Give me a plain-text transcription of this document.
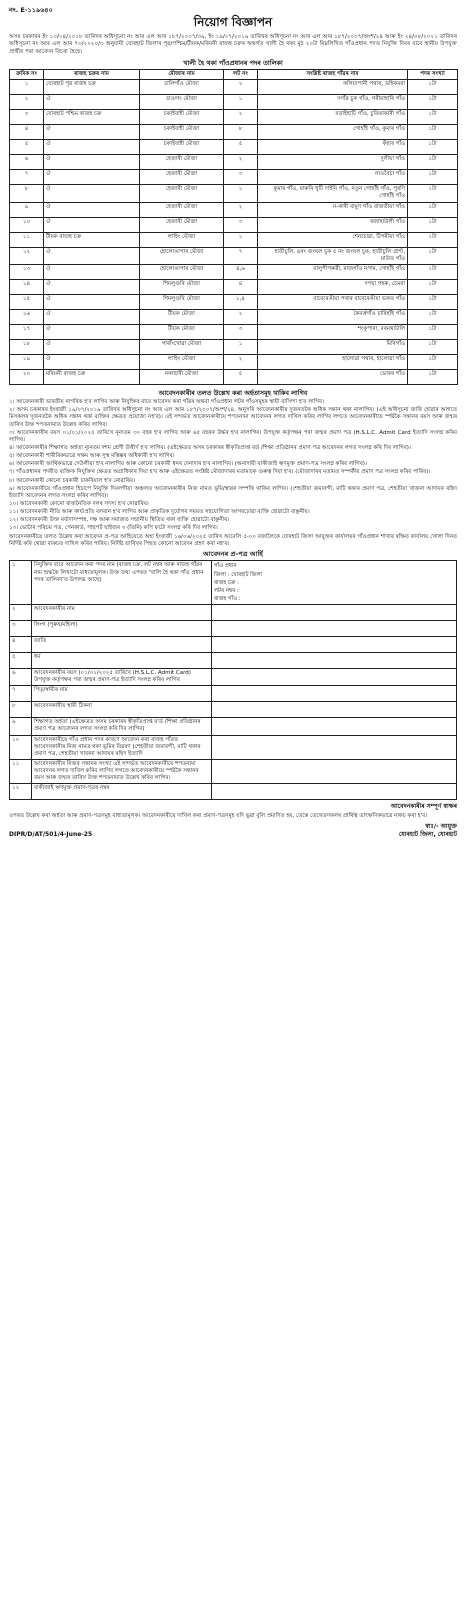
নং. E-১১৯৬৪০
নিয়োগ বিজ্ঞাপন
অসম চৰকাৰৰ ইং ১০/০৪/২০১৮ তাৰিখৰ অধিসূচনা নং আৰ এল আৰ ১৮৭/২০০৭/৩৯, ইং ১৯/০৭/২০১৯ তাৰিখৰ অধিসূচনা নং আৰ এল আৰ ১৮৭/২০০৭/অংশ/২৪ আৰু ইং ২৪/০৮/২০২১ তাৰিখৰ অধিসূচনা নং আৰ এল আৰ ৭৩/২০২০/৩ অনুযায়ী যোৰহাট জিলাৰ পূৱ/পশ্চিম/টীয়ক/মৰিয়নী ৰাজহ চক্ৰৰ অন্তৰ্গত খালী হৈ থকা মুঠ ২০টা নিম্নলিখিত গাঁওপ্ৰধান পদত নিযুক্তি দিবৰ বাবে স্থানীয় উপযুক্ত প্ৰাৰ্থীৰ পৰা আবেদন বিচৰা হৈছে।
খালী হৈ থকা গাঁওপ্ৰধানৰ পদৰ তালিকা
ক্ৰমিক নং	ৰাজহ চক্ৰৰ নাম	মৌজাৰ নাম	লট নং	সংশ্লিষ্ট ৰাজহ গাঁৱৰ নাম	পদৰ সংখ্যা
১	যোৰহাট পূৱ ৰাজহ চক্ৰ	চালিগাঁও মৌজা	২	কলিয়াপানী পথাৰ, ডহিকমৰা	১টা
২	ঐ	চাওদাং মৌজা	১	দগাঁৱ চুক গাঁও, গৰীয়াহাৰি গাঁও	১টা
৩	যোৰহাট পশ্চিম ৰাজহ চক্ৰ	চকাইবাহী মৌজা	২	বড়াইহাটি গাঁও, চুতিয়াকাৰী গাঁও	১টা
৪	ঐ	চকাইবাহী মৌজা	৮	গোহাঁই গাঁও, কুমাৰ গাঁও	১টা
৫	ঐ	চকাইবাহী মৌজা	৫	কঁহাৰ গাঁও	১টা
৬	ঐ	হেজাৰী মৌজা	২	দুলীয়া গাঁও	১টা
৭	ঐ	হেজাৰী মৌজা	৩	নাওবৈচা গাঁও	১টা
৮	ঐ	হেজাৰী মৌজা	১	কুমাৰ গাঁও, মাৰুৰি খুটি দাইনি গাঁও, নতুন গোহাঁই গাঁও, পুৰণি গোহাঁই গাঁও	১টা
৯	ঐ	হেজাৰী মৌজা	২	ন-কাৰী বামুণ গাঁও বাজতীয়া গাঁও	১টা
১০	ঐ	হেজাৰী মৌজা	৩	ৰজাহাউলী গাঁও	১টা
১১	টীয়ক ৰাজহ চক্ৰ	লাহিং মৌজা	১	শেনচোৱা, টিপমীয়া গাঁও	১টা
১২	ঐ	হোলোঙাপাৰ মৌজা	৭	হাতীচুলি, ৪নং জংঘল চুক ৫ নং জংঘল চুক, হাতীচুলি গ্ৰাণ্ট, মাউত গাঁও	১টা
১৩	ঐ	হোলোঙাপাৰ মৌজা	৪,৬	বালুপীপৰুৱী, মাজগাঁও নপাম, গোহাঁই গাঁও	১টা
১৪	ঐ	শিমলুগুৰি মৌজা	৪	দপয়া গহৰু, চেমৰা	১টা
১৫	ঐ	শিমলুগুৰি মৌজা	১,৪	বাবেৰেঙীয়া পথাৰ বাবেৰেঙীয়া ভকত গাঁও	১টা
১৬	ঐ	টীয়ক মৌজা	২	কৈবৰ্ত্তগাঁও চাৰিহাঁই গাঁও	১টা
১৭	ঐ	টীয়ক মৌজা	৩	শংকুপাৰা, বৰমথাউলি	১টা
১৮	ঐ	গাৰাঁংখোৱা মৌজা	১	মিৰিগাঁও	১টা
১৯	ঐ	লাহিং মৌজা	২	হালোৱা পথাৰ, হালোৱা গাঁও	১টা
২০	মৰিয়নী ৰাজহ চক্ৰ	নকাছাৰী মৌজা	৫	ভোৰৰ গাঁও	১টা
আবেদনকাৰীৰ তলত উল্লেখ কৰা অৰ্হতাসমূহ থাকিব লাগিব
১। আবেদনকাৰী ভাৰতীয় নাগৰিক হ'ব লাগিব আৰু নিযুক্তিৰ বাবে আবেদন কৰা গাঁৱৰ অথবা গাঁওপ্ৰধান লটৰ গাঁওসমূহৰ স্থায়ী বাসিন্দা হ'ব লাগিব।
২। অসম চৰকাৰৰ ইংৰাজী ১৯/০৭/২০১৯ তাৰিখৰ অধিসূচনা নং আৰ এল আৰ ১৮৭/২০০৭/অংশ/২৪, অনুসৰি আবেদনকাৰীৰ দুজনতকৈ অধিক সন্তান থকা নালাগিব। (এই অধিসূচনা জাৰি হোৱাৰ আগতে মিসকলৰ দুজনতকৈ অধিক সন্তান থকা ব্যক্তিৰ ক্ষেত্ৰত প্ৰযোজ্য নহ'ব)। এই সন্দৰ্ভত আবেদনকাৰীয়ে শপতনামা আবেদনৰ লগত দাখিল কৰিব লাগিব লগতে আবেদনকাৰীয়ে স্পষ্টকৈ সন্তানৰ বয়স আৰু জন্মৰ তাৰিখ উক্ত শপতনামাত উল্লেখ কৰিব লাগিব।
৩। আবেদনকাৰীৰ বয়স ০১/০১/২০২৫ তাৰিখে নূন্যতম ৩০ বছৰ হ'ব লাগিব আৰু ৬৫ বছৰৰ উৰ্দ্ধৰ হ'ব নালাগিব। উপযুক্ত কৰ্তৃপক্ষৰ পৰা জন্মৰ প্ৰমাণ পত্ৰ (H.S.L.C. Admit Card ইত্যাদি সংলগ্ন কৰিব লাগিব।
৪। আবেদনকাৰীৰ শিক্ষাগত অৰ্হতা ন্যূনতম দশম শ্ৰেণী উত্তীৰ্ণ হ'ব লাগিব। (এইক্ষেত্ৰত অসম চৰকাৰৰ স্বীকৃতিপ্ৰাপ্ত বৰ্ড /শিক্ষা প্ৰতিষ্ঠানৰ প্ৰমাণ পত্ৰ আবেদনৰ লগত সংলগ্ন কৰি দিব লাগিব)।
৫। আবেদনকাৰী শাৰীৰিকভাৱে সক্ষম আৰু সুস্থ মস্তিষ্কৰ অধিকাৰী হ'ব লাগিব।
৬। আবেদনকাৰী আৰ্থিকভাৱে দেউলীয়া হ'ব নালাগিব আৰু কোনো চৰকাৰী ধনৰ দেনাদাৰ হ'ব নালাগিব। (অনাদায়ী বাকীজাই ঋণমুক্ত প্ৰমাণ-পত্ৰ সংলগ্ন কৰিব লাগিব)।
৭। গাঁওপ্ৰধানৰ পদবীত ব্যক্তিক নিযুক্তিৰ ক্ষেত্ৰত অগ্ৰাধিকাৰ দিয়া হ'ব আৰু এইক্ষেত্ৰত সংশ্লিষ্ট মৌজাদাৰৰ মতামতক গুৰুত্ব দিয়া হ'ব। (মৌজাদাৰৰ মতামত সম্পৰ্কীয় প্ৰমাণ পত্ৰ সংলগ্ন কৰিব পাৰিব)।
৮। আবেদনকাৰী কোনো চৰকাৰী চাকৰিয়াল হ'ব নোৱাৰিব।
৯। আবেদনকাৰীয়ে গাঁওপ্ৰধান হিচাপে নিযুক্তি দিবলগীয়া অঞ্চলত আবেদনকাৰীৰ নিজ নামত ভূমি/স্থাৱৰ সম্পত্তি থাকিব লাগিব। (শেহতীয়া জমাবন্দী, মাটি থকাৰ প্ৰমাণ পত্ৰ, শেহতীয়া খাজনা আদায়ৰ ৰছিদ ইত্যাদি আবেদনৰ লগত সংলগ্ন কৰিব লাগিব)।
১০। আবেদনকাৰী কোনো ৰাজনৈতিক দলৰ সদস্য হ'ব নোৱাৰিব।
১১। আবেদনকাৰী নীতি আৰু কাৰ্য্যপ্ৰতি বলবান হ'ব লাগিব আৰু প্ৰাকৃতিক দুৰ্যোগৰ সময়ত সহযোগিতা আগবঢ়োৱা ব্যক্তি হোৱাটো বাঞ্ছনীয়।
১২। আবেদনকাৰী উক্ত মৰ্যাদাসম্পন্ন, দক্ষ আৰু সমাজত সন্মানীয় স্থিতিত থকা ব্যক্তি হোৱাটো বাঞ্ছনীয়।
১৩। ভোটাৰ পৰিচয় পত্ৰ, পেনকাৰ্ড, পাছপৰ্ট ছাইজৰ ৩ (তিনি) কপি ফটো সংলগ্ন কৰি দিব লাগিব।
আবেদনকাৰীয়ে তলত উল্লেখ কৰা আবেদন প্ৰ-পত্ৰ আহিয়েতে অহা ইংৰাজী ১৬/০৬/২০২৫ তাৰিখ আবেলি ৫-০০ বজালৈকে যোৰহাট জিলা আযুক্তৰ কাৰ্যালয়ৰ গাঁওপ্ৰধান শাখাৰ ৰক্ষিত কাৰ্যালয় খোলা দিনত নিৰ্দিষ্ট কৰি থোৱা বাকচত দাখিল কৰিব পাৰিব। নিৰ্দিষ্ট তাৰিখৰ পিছত কোনো আবেদন গ্ৰহণ কৰা নহ'ব।
আবেদনৰ প্ৰ-পত্ৰ আৰ্হি
১	নিযুক্তিৰ বাবে আবেদন কৰা পদৰ নাম (ৰাজহ চক্ৰ, লট নম্বৰ আৰু ৰাজহ গাঁৱৰ নাম শুদ্ধকৈ লিখাটো বাধ্যতামূলক। উক্ত তথ্য ওপৰত 'খালি হৈ থকা গাঁও প্ৰধান পদৰ তালিকা'ত উপলব্ধ আছে)	গাঁও প্ৰধান
জিলা : যোৰহাট জিলা
ৰাজহ চক্ৰ :
লটৰ নম্বৰ :
ৰাজহ গাঁও :

২	আবেদনকাৰীৰ নাম	
৩	লিংগ (পুৰুষ/মহিলা)	
৪	জাতি	
৫	ধৰ্ম	
৬	আবেদনকাৰীৰ বয়স (০১/০১/২০২৫ তাৰিখে (H.S.L.C. Admit Card) উপযুক্ত কৰ্তৃপক্ষৰ পৰা জন্মৰ প্ৰমাণ-পত্ৰ ইত্যাদি সংলগ্ন কৰিব লাগিব	
৭	পিতৃ/স্বামীৰ নাম	
৮	আবেদনকাৰীৰ স্থায়ী ঠিকনা	
৯	শিক্ষাগত অৰ্হতা (এইক্ষেত্ৰত অসম চৰকাৰৰ স্বীকৃতিপ্ৰাপ্ত ব'ৰ্ড /শিক্ষা প্ৰতিষ্ঠানৰ প্ৰমাণ পত্ৰ আবেদনৰ লগত সংলগ্ন কৰি দিব লাগিব)	
১০	আবেদনকাৰীয়ে গাঁও প্ৰধান পদৰ কাৰণে আবেদন কৰা ৰাজহ গাঁৱত আবেদনকাৰীৰ নিজ নামত থকা ভূমিৰ বিৱৰণ (শেহতীয়া জমাবন্দী, মাটি থকাৰ প্ৰমাণ পত্ৰ, শেহতীয়া খাজনা আদায়ৰ ৰছিদ ইত্যাদি	
১১	আবেদনকাৰীৰ নিজৰ সন্তানৰ সংখ্যা এই সন্দৰ্ভত আবেদনকাৰীয়ে শপতনামা আবেদনৰ লগত দাখিল কৰিব লাগিব লগতে আবেদনকাৰীয়ে স্পষ্টকৈ সন্তানৰ বয়স আৰু জন্মৰ তাৰিখ উক্ত শপতনামাত উল্লেখ কৰিব লাগিব।	
১২	বাকীজাই ঋণমুক্ত প্ৰমাণ-পত্ৰৰ নম্বৰ	
আবেদনকাৰীৰ সম্পূৰ্ণ স্বাক্ষৰ
ওপৰত উল্লেখ কৰা অৰ্হতা আৰু প্ৰমাণ-পত্ৰসমূহ বাধ্যতামূলক। আবেদনকাৰীয়ে দাখিল কৰা প্ৰমাণ-পত্ৰসমূহ যদি ভুৱা বুলি প্ৰমাণিত হয়, তেন্তে তেখেতসকলৰ প্ৰাৰ্থিত্ব তাৎক্ষণিকভাৱে নাকচ কৰা হ'ব।
DIPR/D/AT/501/4-June-25
স্বাঃ/- আয়ুক্ত
যোৰহাট জিলা, যোৰহাট
